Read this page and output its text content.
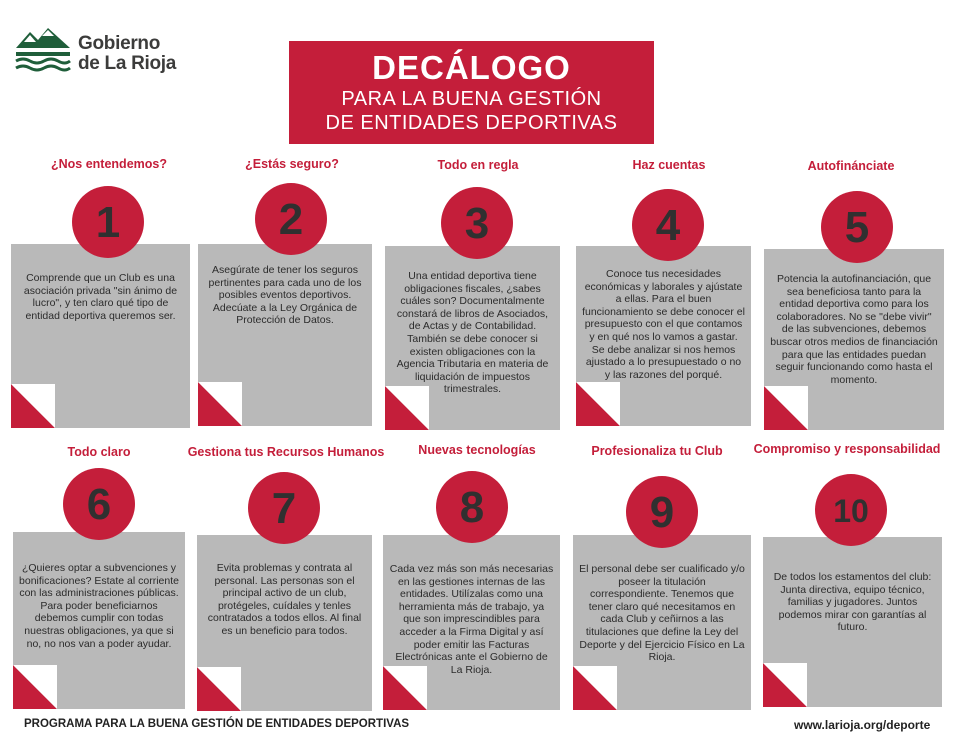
Gobierno
de La Rioja	DECÁLOGO
PARA LA BUENA GESTIÓN
DE ENTIDADES DEPORTIVAS
¿Nos entendemos?
Comprende que un Club es una asociación privada "sin ánimo de lucro", y ten claro qué tipo de entidad deportiva queremos ser.
1
¿Estás seguro?
Asegúrate de tener los seguros pertinentes para cada uno de los posibles eventos deportivos. Adecúate a la Ley Orgánica de Protección de Datos.
2
Todo en regla
Una entidad deportiva tiene obligaciones fiscales, ¿sabes cuáles son? Documentalmente constará de libros de Asociados, de Actas y de Contabilidad. También se debe conocer si existen obligaciones con la Agencia Tributaria en materia de liquidación de impuestos trimestrales.
3
Haz cuentas
Conoce tus necesidades económicas y laborales y ajústate a ellas. Para el buen funcionamiento se debe conocer el presupuesto con el que contamos y en qué nos lo vamos a gastar. Se debe analizar si nos hemos ajustado a lo presupuestado o no y las razones del porqué.
4
Autofinánciate
Potencia la autofinanciación, que sea beneficiosa tanto para la entidad deportiva como para los colaboradores. No se "debe vivir" de las subvenciones, debemos buscar otros medios de financiación para que las entidades puedan seguir funcionando como hasta el momento.
5
Todo claro
¿Quieres optar a subvenciones y bonificaciones? Estate al corriente con las administraciones públicas. Para poder beneficiarnos debemos cumplir con todas nuestras obligaciones, ya que si no, no nos van a poder ayudar.
6
Gestiona tus Recursos Humanos
Evita problemas y contrata al personal. Las personas son el principal activo de un club, protégeles, cuídales y tenles contratados a todos ellos. Al final es un beneficio para todos.
7
Nuevas tecnologías
Cada vez más son más necesarias en las gestiones internas de las entidades. Utilízalas como una herramienta más de trabajo, ya que son imprescindibles para acceder a la Firma Digital y así poder emitir las Facturas Electrónicas ante el Gobierno de La Rioja.
8
Profesionaliza tu Club
El personal debe ser cualificado y/o poseer la titulación correspondiente. Tenemos que tener claro qué necesitamos en cada Club y ceñirnos a las titulaciones que define la Ley del Deporte y del Ejercicio Físico en La Rioja.
9
Compromiso y responsabilidad
De todos los estamentos del club: Junta directiva, equipo técnico, familias y jugadores. Juntos podemos mirar con garantías al futuro.
10
PROGRAMA PARA LA BUENA GESTIÓN DE ENTIDADES DEPORTIVAS	www.larioja.org/deporte
